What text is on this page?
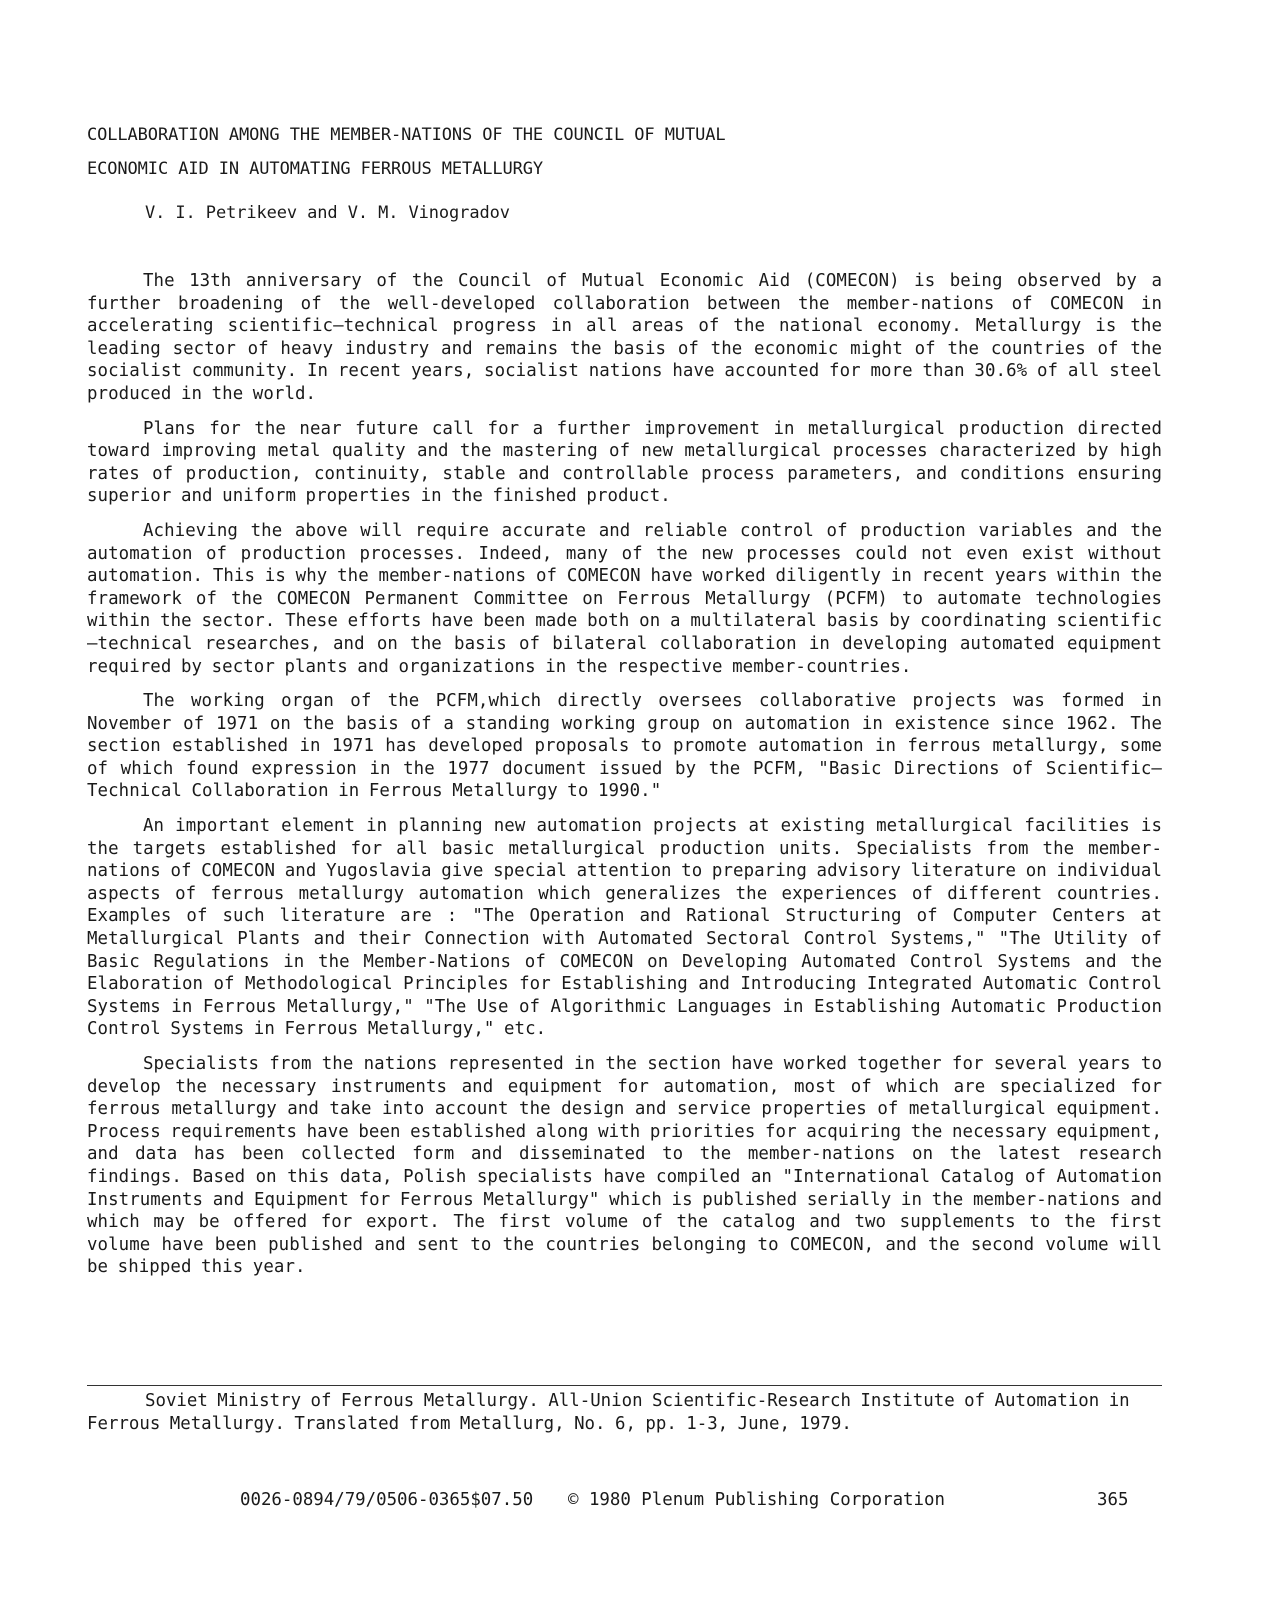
COLLABORATION AMONG THE MEMBER-NATIONS OF THE COUNCIL OF MUTUAL
ECONOMIC AID IN AUTOMATING FERROUS METALLURGY
V. I. Petrikeev and V. M. Vinogradov

The 13th anniversary of the Council of Mutual Economic Aid (COMECON) is being observed by a further broadening of the well-developed collaboration between the member-nations of COMECON in accelerating scientific—technical progress in all areas of the national economy. Metallurgy is the leading sector of heavy industry and remains the basis of the economic might of the countries of the socialist community. In recent years, socialist nations have accounted for more than 30.6% of all steel produced in the world.

Plans for the near future call for a further improvement in metallurgical production directed toward improving metal quality and the mastering of new metallurgical processes characterized by high rates of production, continuity, stable and controllable process parameters, and conditions ensuring superior and uniform properties in the finished product.

Achieving the above will require accurate and reliable control of production variables and the automation of production processes. Indeed, many of the new processes could not even exist without automation. This is why the member-nations of COMECON have worked diligently in recent years within the framework of the COMECON Permanent Committee on Ferrous Metallurgy (PCFM) to automate technologies within the sector. These efforts have been made both on a multilateral basis by coordinating scientific—technical researches, and on the basis of bilateral collaboration in developing automated equipment required by sector plants and organizations in the respective member-countries.

The working organ of the PCFM,which directly oversees collaborative projects was formed in November of 1971 on the basis of a standing working group on automation in existence since 1962. The section established in 1971 has developed proposals to promote automation in ferrous metallurgy, some of which found expression in the 1977 document issued by the PCFM, "Basic Directions of Scientific—Technical Collaboration in Ferrous Metallurgy to 1990."

An important element in planning new automation projects at existing metallurgical facilities is the targets established for all basic metallurgical production units. Specialists from the member-nations of COMECON and Yugoslavia give special attention to preparing advisory literature on individual aspects of ferrous metallurgy automation which generalizes the experiences of different countries. Examples of such literature are : "The Operation and Rational Structuring of Computer Centers at Metallurgical Plants and their Connection with Automated Sectoral Control Systems," "The Utility of Basic Regulations in the Member-Nations of COMECON on Developing Automated Control Systems and the Elaboration of Methodological Principles for Establishing and Introducing Integrated Automatic Control Systems in Ferrous Metallurgy," "The Use of Algorithmic Languages in Establishing Automatic Production Control Systems in Ferrous Metallurgy," etc.

Specialists from the nations represented in the section have worked together for several years to develop the necessary instruments and equipment for automation, most of which are specialized for ferrous metallurgy and take into account the design and service properties of metallurgical equipment. Process requirements have been established along with priorities for acquiring the necessary equipment, and data has been collected form and disseminated to the member-nations on the latest research findings. Based on this data, Polish specialists have compiled an "International Catalog of Automation Instruments and Equipment for Ferrous Metallurgy" which is published serially in the member-nations and which may be offered for export. The first volume of the catalog and two supplements to the first volume have been published and sent to the countries belonging to COMECON, and the second volume will be shipped this year.

Soviet Ministry of Ferrous Metallurgy. All-Union Scientific-Research Institute of Automation in Ferrous Metallurgy. Translated from Metallurg, No. 6, pp. 1-3, June, 1979.
0026-0894/79/0506-0365$07.50 © 1980 Plenum Publishing Corporation	365
